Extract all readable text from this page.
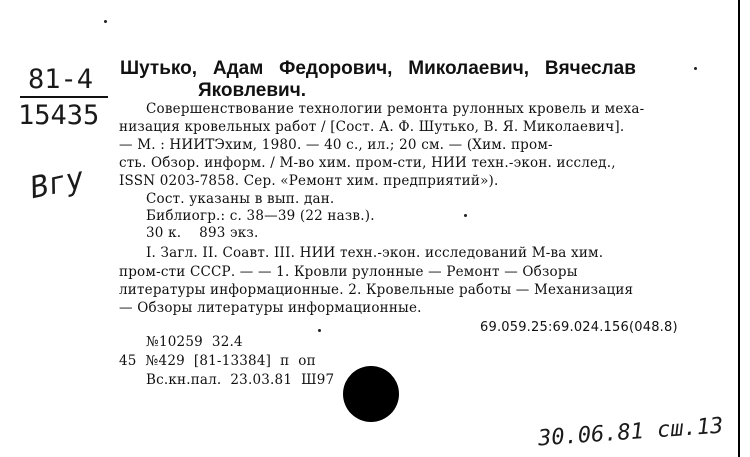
81-4
15435
Вгу
Шутько,   Адам   Федорович,   Миколаевич,   Вячеслав
Яковлевич.
Совершенствование технологии ремонта рулонных кровель и меха-
низация кровельных работ / [Сост. А. Ф. Шутько, В. Я. Миколаевич].
— М. : НИИТЭхим, 1980. — 40 с., ил.; 20 см. — (Хим. пром-
сть. Обзор. информ. / М-во хим. пром-сти, НИИ техн.-экон. исслед.,
ISSN 0203-7858. Сер. «Ремонт хим. предприятий»).
Сост. указаны в вып. дан.
Библиогр.: с. 38—39 (22 назв.).
30 к.    893 экз.
I. Загл. II. Соавт. III. НИИ техн.-экон. исследований М-ва хим.
пром-сти СССР. — — 1. Кровли рулонные — Ремонт — Обзоры
литературы информационные. 2. Кровельные работы — Механизация
— Обзоры литературы информационные.
69.059.25:69.024.156(048.8)
№10259  32.4
45  №429  [81-13384]  п  оп
Вс.кн.пал.  23.03.81  Ш97
30.06.81 сш.13
